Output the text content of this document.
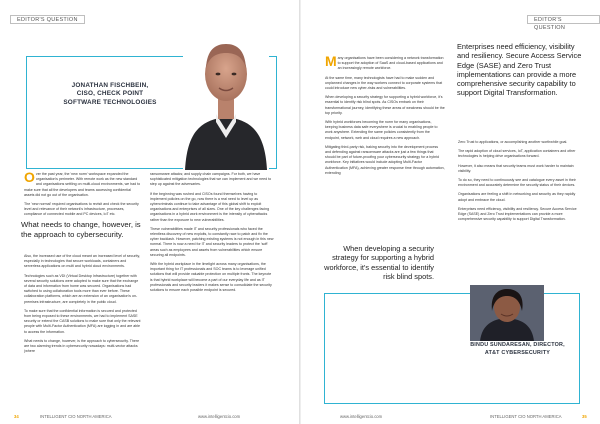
EDITOR'S QUESTION
JONATHAN FISCHBEIN,
CISO, CHECK POINT
SOFTWARE TECHNOLOGIES

Over the past year, the 'new norm' workspace expanded the organisation's perimeter. With remote work as the new standard and organisations settling on multi-cloud environments, we had to make sure that all the developers and teams accessing confidential assets did not go out of the organisation.

The 'new normal' required organisations to revisit and check the security level and relevance of their network's infrastructure, processes, compliance of connected mobile and PC devices, IoT etc.

What needs to change, however, is the approach to cybersecurity.

Also, the increased use of the cloud meant an increased level of security, especially in technologies that secure workloads, containers and serverless applications on multi and hybrid cloud environments.

Technologies such as VDI (Virtual Desktop Infrastructure) together with several security solutions were adopted to make sure that the exchange of data and information from home was secured. Organisations had switched to using collaboration tools more than ever before. These collaboration platforms, which are an extension of an organisation's on-premises infrastructure, are completely in the public cloud.

To make sure that the confidential information is secured and protected from being exposed to these environments, we had to implement SASE security or extend the CASB solutions to make sure that only the relevant people with Multi-Factor Authentication (MFA) are logging in and are able to access the information.

What needs to change, however, is the approach to cybersecurity. There are two alarming trends in cybersecurity nowadays: multi-vector attacks (where

ransomware attacks; and supply chain campaigns. For both, we have sophisticated mitigation technologies that we can implement and we need to step up against the adversaries.

If the beginning was rushed and CISOs found themselves having to implement policies on the go, now there is a real need to level up as cybercriminals continue to take advantage of this global shift to exploit organisations and enterprises of all sizes. One of the key challenges facing organisations in a hybrid work environment is the intensity of cyberattacks rather than the exposure to new vulnerabilities.

These vulnerabilities made IT and security professionals who faced the relentless discovery of new exploits, to constantly race to patch and fix the cyber backlash. However, patching existing systems is not enough in this new normal. There is now a need for IT and security leaders to protect the 'soft' areas such as employees and assets from vulnerabilities which ensure securing all endpoints.

With the hybrid workplace in the limelight across many organisations, the important thing for IT professionals and SOC teams is to leverage unified solutions that will provide valuable protection on multiple fronts. The keynote is that hybrid workplace will become a part of our everyday life and as IT professionals and security leaders it makes sense to consolidate the security solutions to ensure each possible endpoint is secured.

EDITOR'S QUESTION

Many organisations have been considering a network transformation to support the adoption of SaaS and cloud-based applications and an increasingly remote workforce.

At the same time, many technologists have had to make sudden and unplanned changes in the way workers connect to corporate systems that could introduce new cyber-risks and vulnerabilities.

When developing a security strategy for supporting a hybrid workforce, it's essential to identify risk blind spots. As CISOs embark on their transformational journey, identifying these areas of weakness should be the top priority.

With hybrid workforces becoming the norm for many organisations, keeping business data safe everywhere is crucial to enabling people to work anywhere. Extending the same policies consistently from the endpoint, network, web and cloud requires a new approach.

Mitigating third-party risk, baking security into the development process and defending against ransomware attacks are just a few things that should be part of future-proofing your cybersecurity strategy for a hybrid workforce. Key initiatives would include adopting Multi-Factor Authentication (MFA), achieving greater response time through automation, extending

Enterprises need efficiency, visibility and resiliency. Secure Access Service Edge (SASE) and Zero Trust implementations can provide a more comprehensive security capability to support Digital Transformation.

Zero Trust to applications, or accomplishing another worthwhile goal.

The rapid adoption of cloud services, IoT, application containers and other technologies is helping drive organisations forward.

However, it also means that security teams must work harder to maintain visibility.

To do so, they need to continuously see and catalogue every asset in their environment and accurately determine the security status of their devices.

Organisations are feeling a shift in networking and security as they rapidly adopt and embrace the cloud.

Enterprises need efficiency, visibility and resiliency. Secure Access Service Edge (SASE) and Zero Trust implementations can provide a more comprehensive security capability to support Digital Transformation.

When developing a security strategy for supporting a hybrid workforce, it's essential to identify risk blind spots.
BINDU SUNDARESAN, DIRECTOR,
AT&T CYBERSECURITY
34	INTELLIGENT CIO NORTH AMERICA	www.intelligentcio.com	www.intelligentcio.com	INTELLIGENT CIO NORTH AMERICA	35
